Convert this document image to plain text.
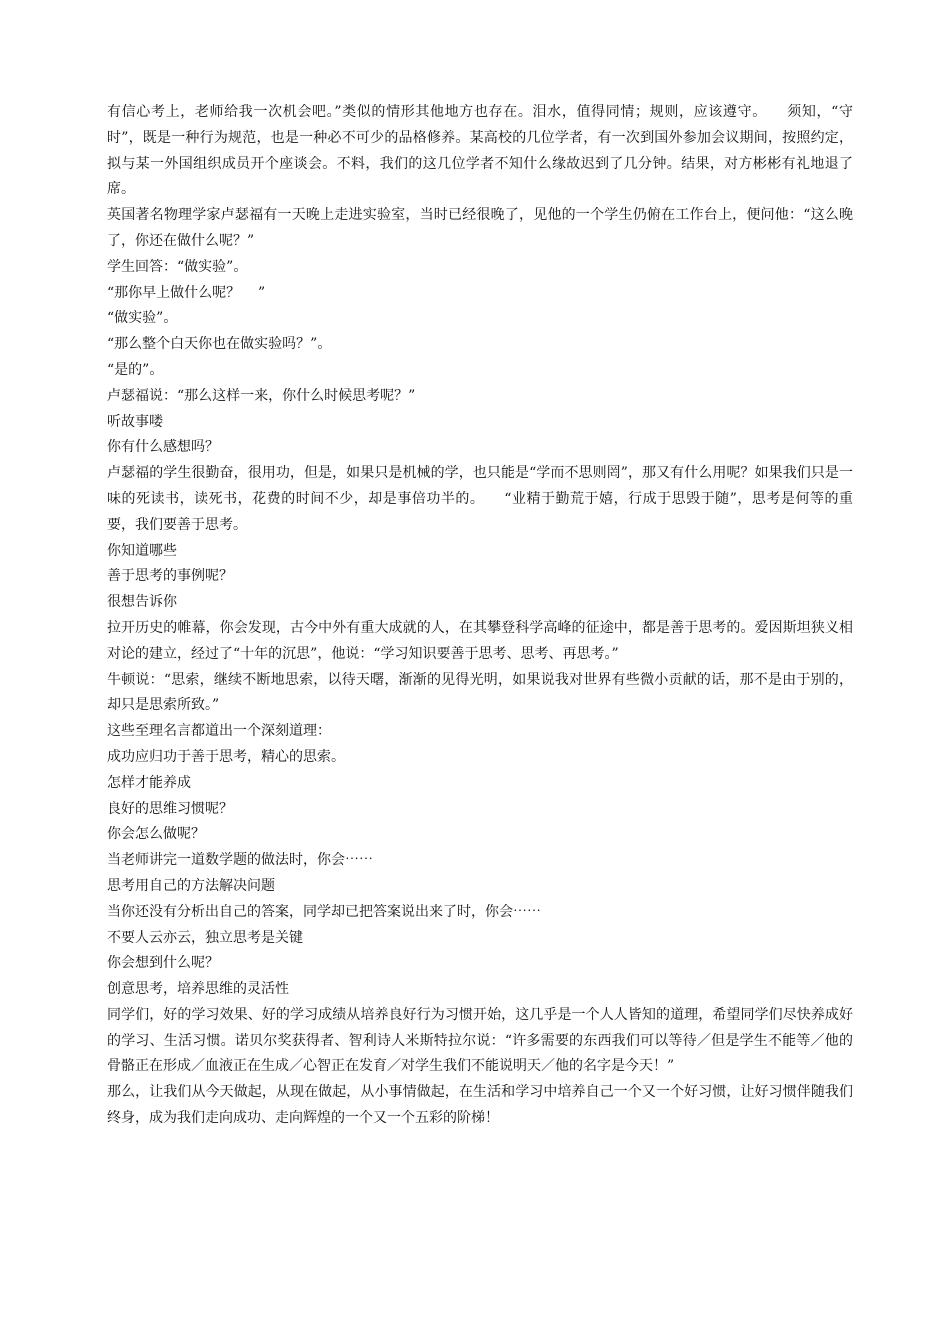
有信心考上，老师给我一次机会吧。”类似的情形其他地方也存在。泪水，值得同情；规则，应该遵守。    须知，“守时”，既是一种行为规范，也是一种必不可少的品格修养。某高校的几位学者，有一次到国外参加会议期间，按照约定，拟与某一外国组织成员开个座谈会。不料，我们的这几位学者不知什么缘故迟到了几分钟。结果，对方彬彬有礼地退了席。

英国著名物理学家卢瑟福有一天晚上走进实验室，当时已经很晚了，见他的一个学生仍俯在工作台上，便问他：“这么晚了，你还在做什么呢？”

学生回答：“做实验”。

“那你早上做什么呢？    ”

“做实验”。

“那么整个白天你也在做实验吗？”。

“是的”。

卢瑟福说：“那么这样一来，你什么时候思考呢？”

听故事喽

你有什么感想吗？

卢瑟福的学生很勤奋，很用功，但是，如果只是机械的学，也只能是“学而不思则罔”，那又有什么用呢？如果我们只是一味的死读书，读死书，花费的时间不少，却是事倍功半的。    “业精于勤荒于嬉，行成于思毁于随”，思考是何等的重要，我们要善于思考。

你知道哪些

善于思考的事例呢？

很想告诉你

拉开历史的帷幕，你会发现，古今中外有重大成就的人，在其攀登科学高峰的征途中，都是善于思考的。爱因斯坦狭义相对论的建立，经过了“十年的沉思”，他说：“学习知识要善于思考、思考、再思考。”

牛顿说：“思索，继续不断地思索，以待天曙，渐渐的见得光明，如果说我对世界有些微小贡献的话，那不是由于别的，却只是思索所致。”

这些至理名言都道出一个深刻道理：

成功应归功于善于思考，精心的思索。

怎样才能养成

良好的思维习惯呢？

你会怎么做呢？

当老师讲完一道数学题的做法时，你会⋯⋯

思考用自己的方法解决问题

当你还没有分析出自己的答案，同学却已把答案说出来了时，你会⋯⋯

不要人云亦云，独立思考是关键

你会想到什么呢？

创意思考，培养思维的灵活性

同学们，好的学习效果、好的学习成绩从培养良好行为习惯开始，这几乎是一个人人皆知的道理，希望同学们尽快养成好的学习、生活习惯。诺贝尔奖获得者、智利诗人米斯特拉尔说：“许多需要的东西我们可以等待／但是学生不能等／他的骨骼正在形成／血液正在生成／心智正在发育／对学生我们不能说明天／他的名字是今天！”

那么，让我们从今天做起，从现在做起，从小事情做起，在生活和学习中培养自己一个又一个好习惯，让好习惯伴随我们终身，成为我们走向成功、走向辉煌的一个又一个五彩的阶梯！
